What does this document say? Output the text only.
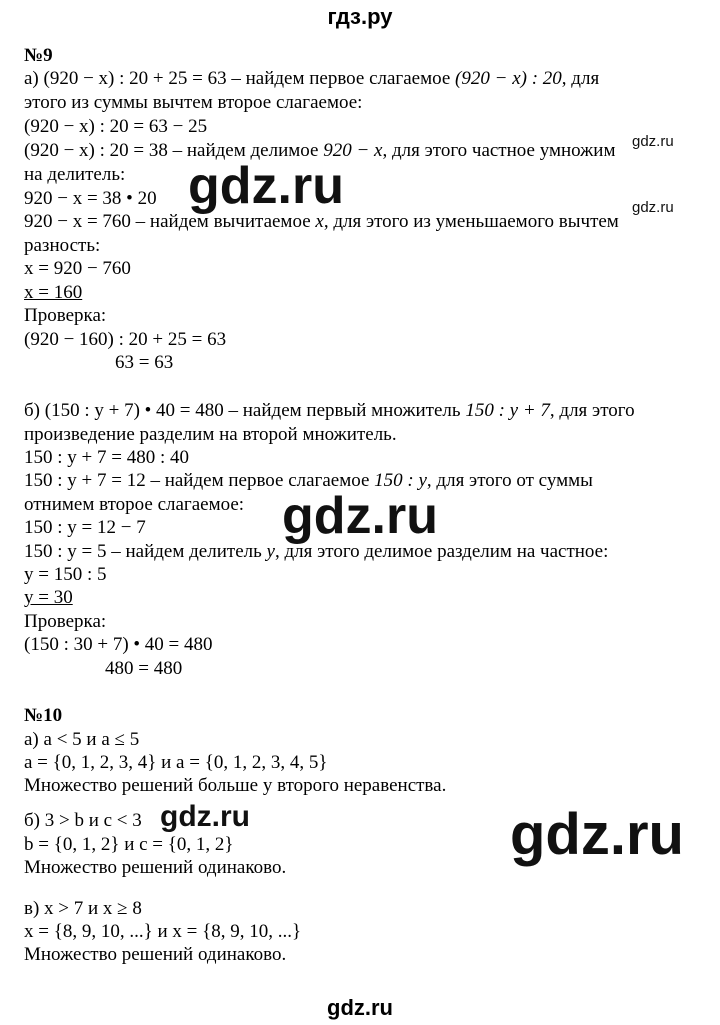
гдз.ру
№9
а) (920 − x) : 20 + 25 = 63 – найдем первое слагаемое (920 − x) : 20, для
этого из суммы вычтем второе слагаемое:
(920 − x) : 20 = 63 − 25
(920 − x) : 20 = 38 – найдем делимое 920 − x, для этого частное умножим
на делитель:
920 − x = 38 • 20
920 − x = 760 – найдем вычитаемое x, для этого из уменьшаемого вычтем
разность:
x = 920 − 760
x = 160
Проверка:
(920 − 160) : 20 + 25 = 63
63 = 63
б) (150 : y + 7) • 40 = 480 – найдем первый множитель 150 : y + 7, для этого
произведение разделим на второй множитель.
150 : y + 7 = 480 : 40
150 : y + 7 = 12 – найдем первое слагаемое 150 : y, для этого от суммы
отнимем второе слагаемое:
150 : y = 12 − 7
150 : y = 5 – найдем делитель y, для этого делимое разделим на частное:
y = 150 : 5
y = 30
Проверка:
(150 : 30 + 7) • 40 = 480
480 = 480
№10
а) a < 5 и a ≤ 5
a = {0, 1, 2, 3, 4} и a = {0, 1, 2, 3, 4, 5}
Множество решений больше у второго неравенства.
б) 3 > b и c < 3
b = {0, 1, 2} и c = {0, 1, 2}
Множество решений одинаково.
в) x > 7 и x ≥ 8
x = {8, 9, 10, ...} и x = {8, 9, 10, ...}
Множество решений одинаково.
gdz.ru
gdz.ru
gdz.ru
gdz.ru
gdz.ru	gdz.ru
gdz.ru
